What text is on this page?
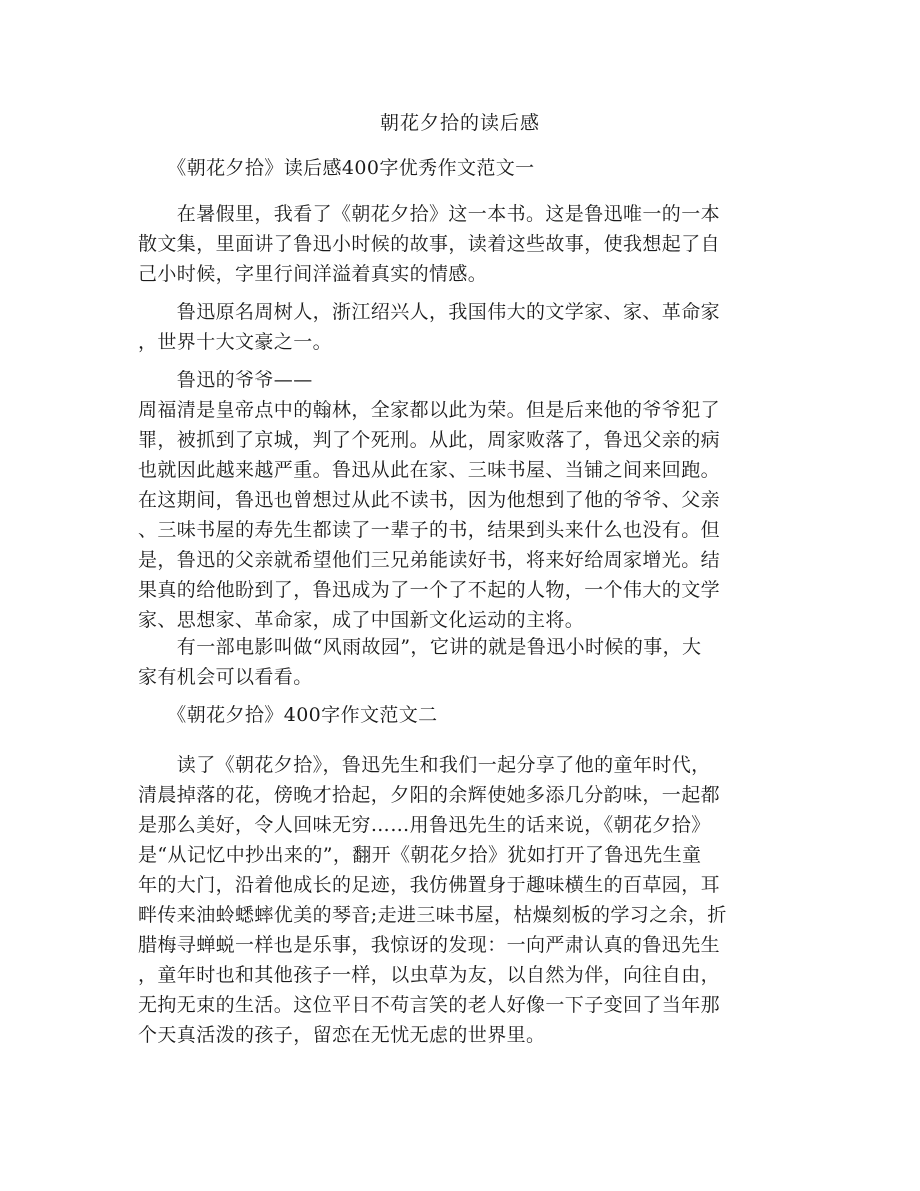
朝花夕拾的读后感

　　《朝花夕拾》读后感400字优秀作文范文一

　　在暑假里，我看了《朝花夕拾》这一本书。这是鲁迅唯一的一本
散文集，里面讲了鲁迅小时候的故事，读着这些故事，使我想起了自
己小时候，字里行间洋溢着真实的情感。

　　鲁迅原名周树人，浙江绍兴人，我国伟大的文学家、家、革命家
，世界十大文豪之一。

　　鲁迅的爷爷——
周福清是皇帝点中的翰林，全家都以此为荣。但是后来他的爷爷犯了
罪，被抓到了京城，判了个死刑。从此，周家败落了，鲁迅父亲的病
也就因此越来越严重。鲁迅从此在家、三味书屋、当铺之间来回跑。
在这期间，鲁迅也曾想过从此不读书，因为他想到了他的爷爷、父亲
、三味书屋的寿先生都读了一辈子的书，结果到头来什么也没有。但
是，鲁迅的父亲就希望他们三兄弟能读好书，将来好给周家增光。结
果真的给他盼到了，鲁迅成为了一个了不起的人物，一个伟大的文学
家、思想家、革命家，成了中国新文化运动的主将。

　　有一部电影叫做“风雨故园”，它讲的就是鲁迅小时候的事，大
家有机会可以看看。

　　《朝花夕拾》400字作文范文二

　　读了《朝花夕拾》，鲁迅先生和我们一起分享了他的童年时代，
清晨掉落的花，傍晚才拾起，夕阳的余辉使她多添几分韵味，一起都
是那么美好，令人回味无穷……用鲁迅先生的话来说，《朝花夕拾》
是“从记忆中抄出来的”，翻开《朝花夕拾》犹如打开了鲁迅先生童
年的大门，沿着他成长的足迹，我仿佛置身于趣味横生的百草园，耳
畔传来油蛉蟋蟀优美的琴音;走进三味书屋，枯燥刻板的学习之余，折
腊梅寻蝉蜕一样也是乐事，我惊讶的发现：一向严肃认真的鲁迅先生
，童年时也和其他孩子一样，以虫草为友，以自然为伴，向往自由，
无拘无束的生活。这位平日不苟言笑的老人好像一下子变回了当年那
个天真活泼的孩子，留恋在无忧无虑的世界里。
